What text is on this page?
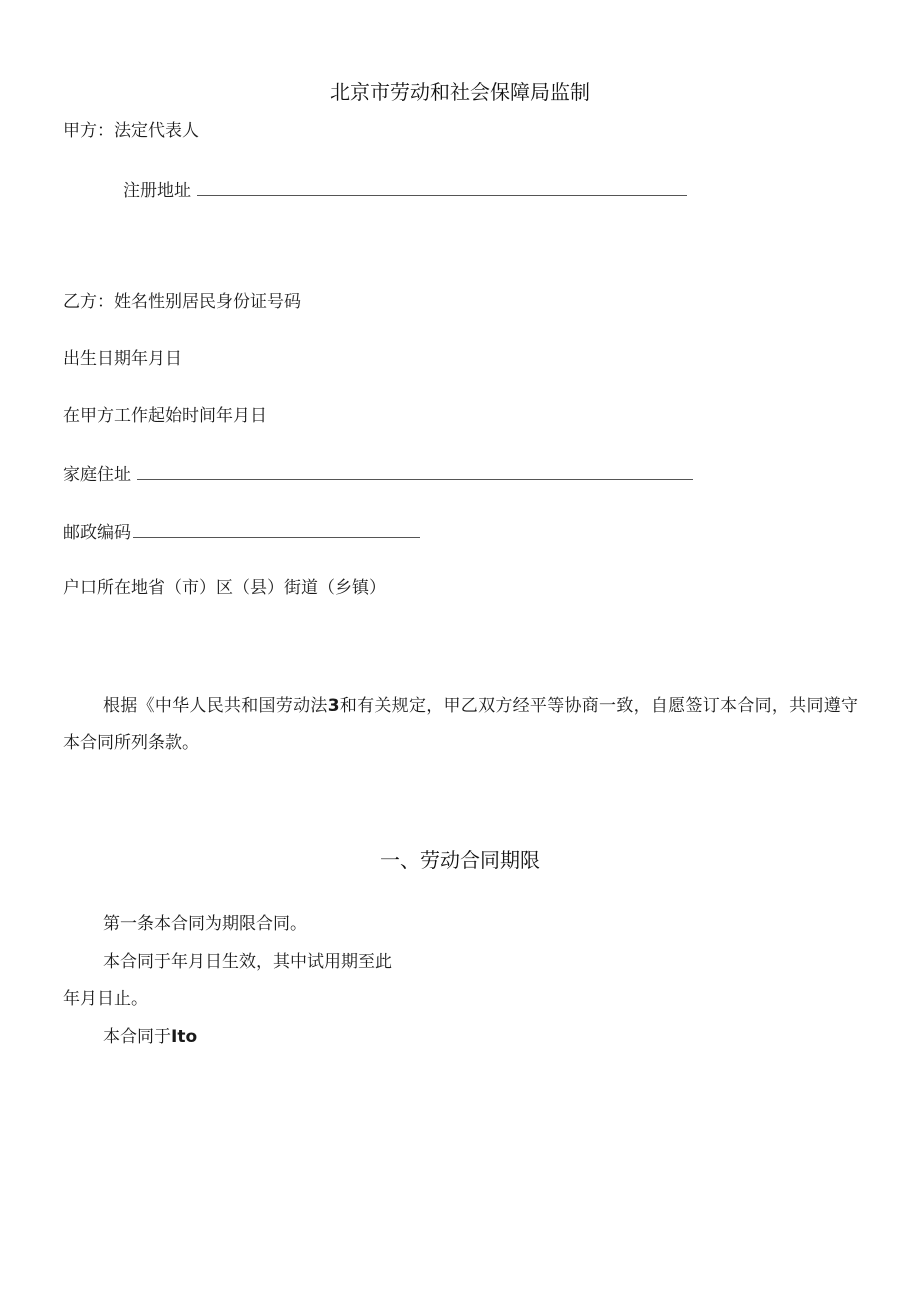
北京市劳动和社会保障局监制
甲方：法定代表人
注册地址
乙方：姓名性别居民身份证号码
出生日期年月日
在甲方工作起始时间年月日
家庭住址
邮政编码
户口所在地省（市）区（县）街道（乡镇）
根据《中华人民共和国劳动法3和有关规定，甲乙双方经平等协商一致，自愿签订本合同，共同遵守本合同所列条款。
一、劳动合同期限
第一条本合同为期限合同。
本合同于年月日生效，其中试用期至此
年月日止。
本合同于Ito
